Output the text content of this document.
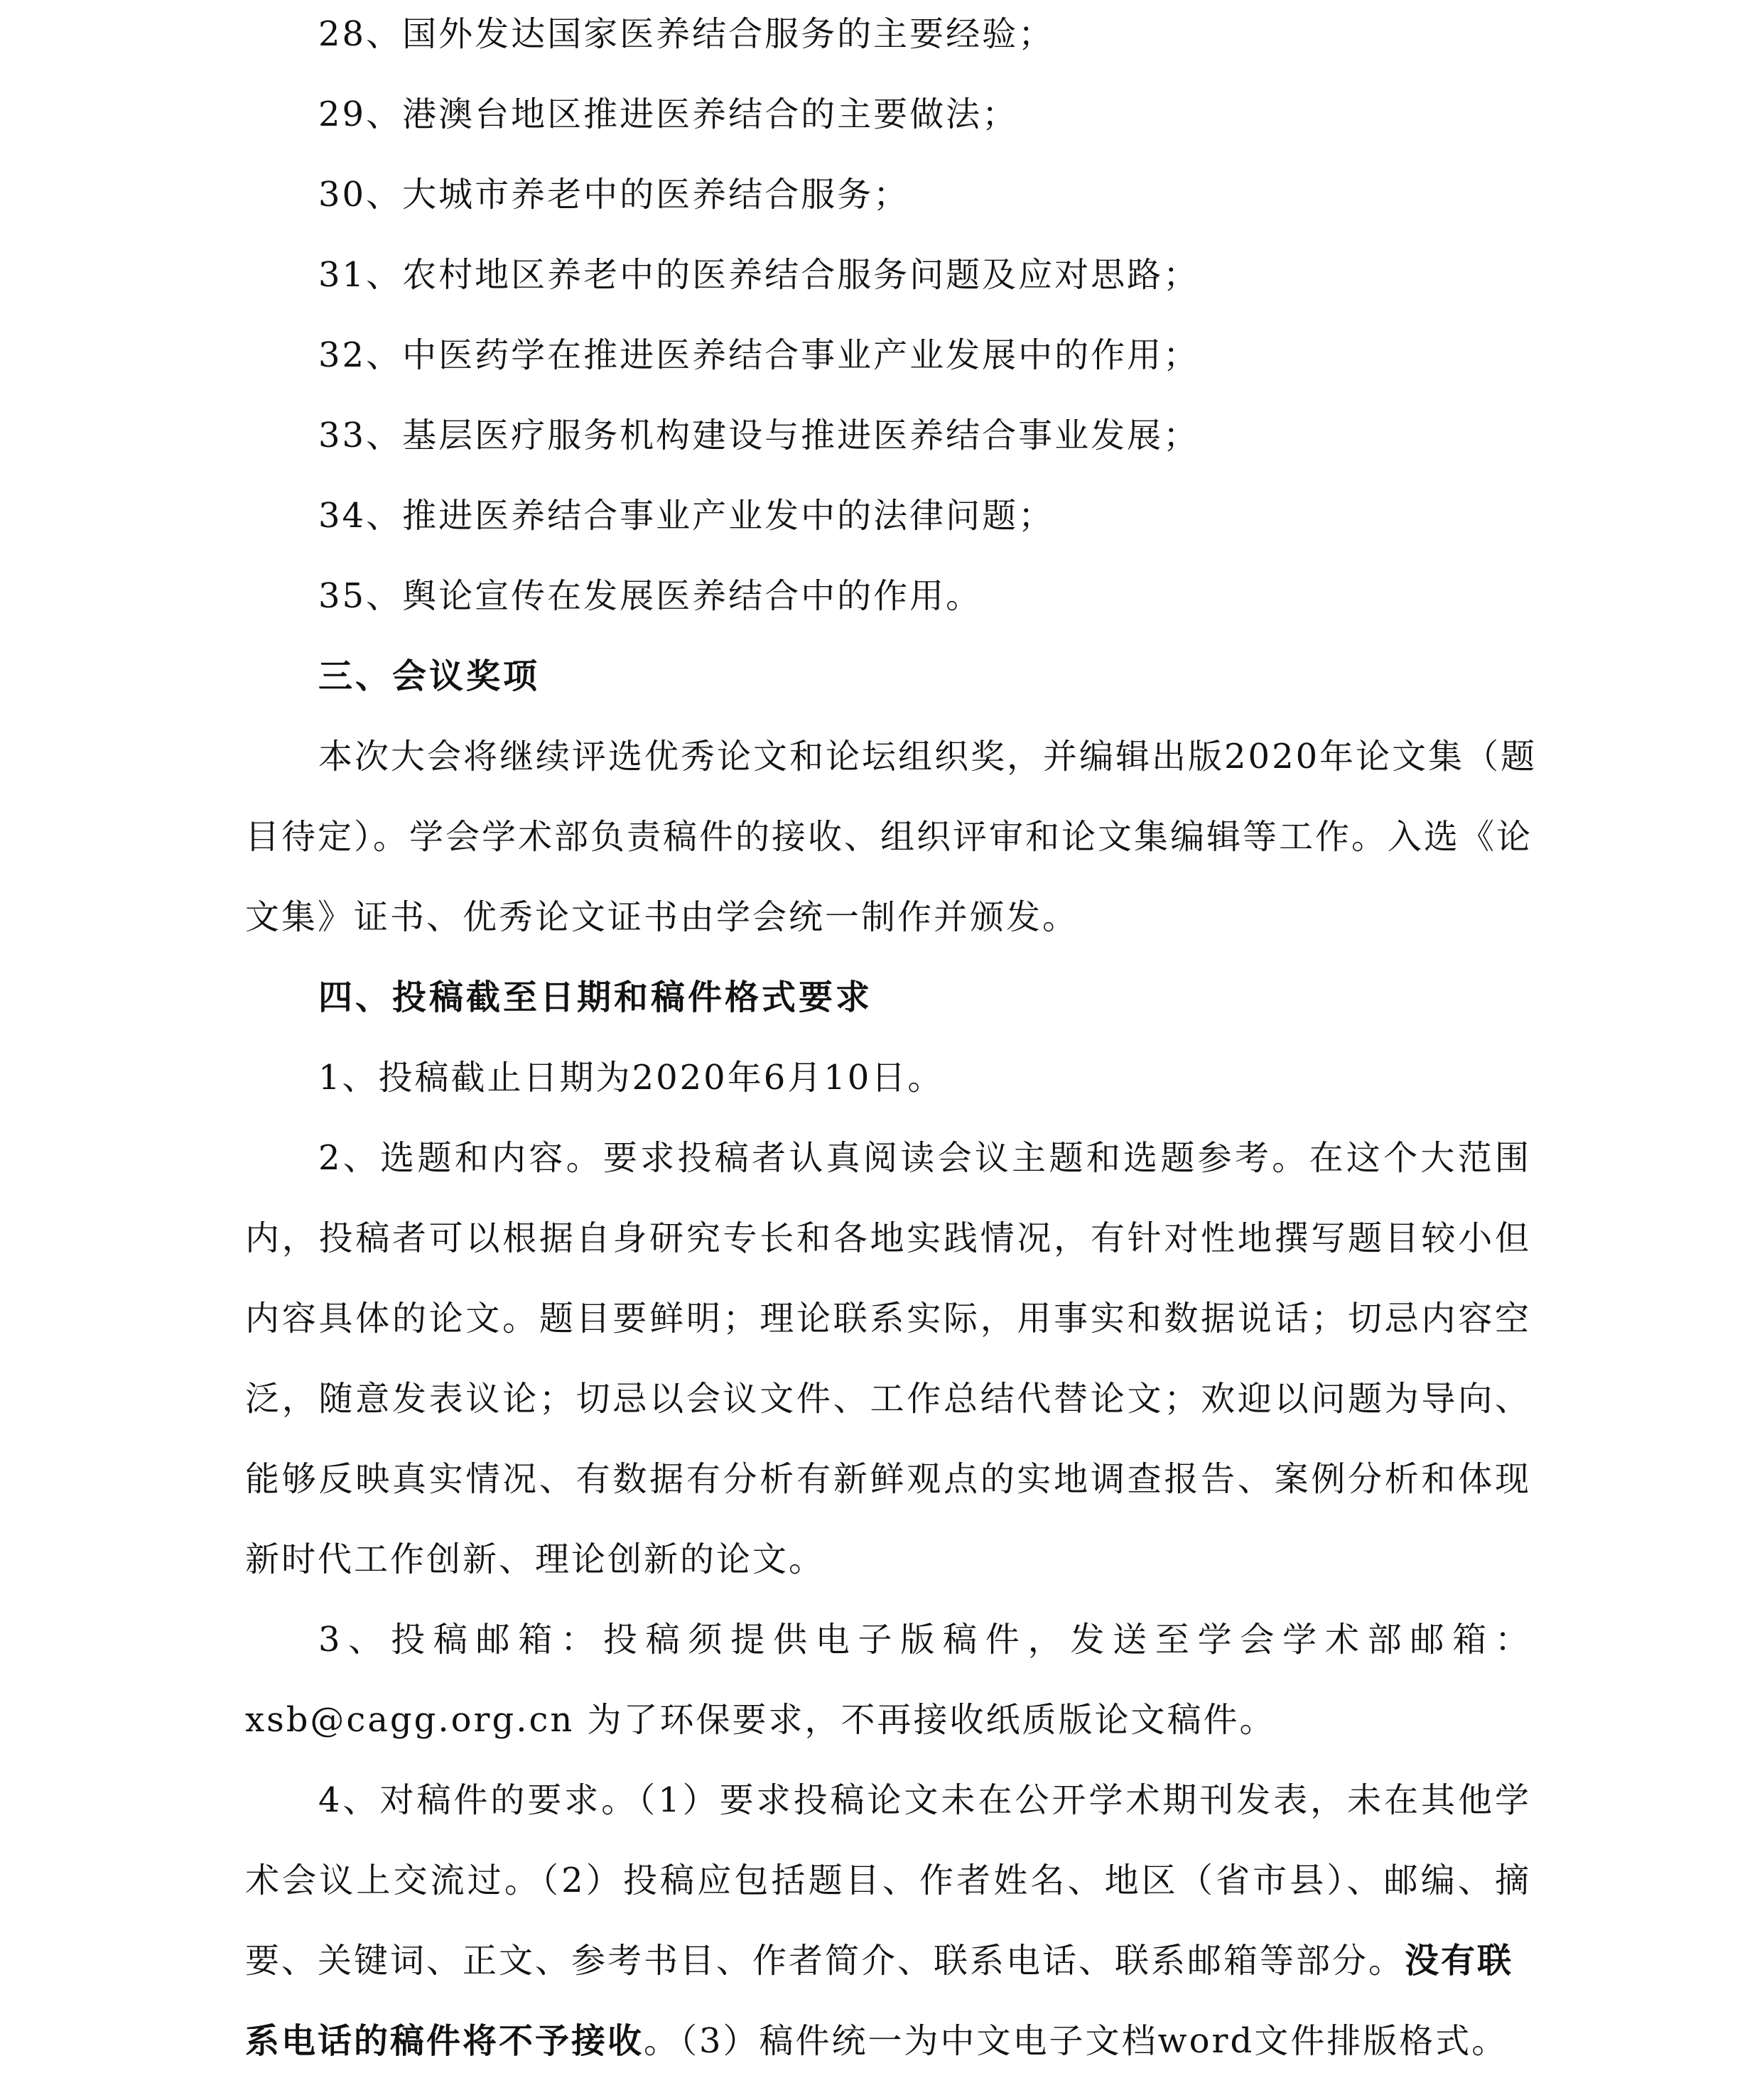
28、国外发达国家医养结合服务的主要经验；
29、港澳台地区推进医养结合的主要做法；
30、大城市养老中的医养结合服务；
31、农村地区养老中的医养结合服务问题及应对思路；
32、中医药学在推进医养结合事业产业发展中的作用；
33、基层医疗服务机构建设与推进医养结合事业发展；
34、推进医养结合事业产业发中的法律问题；
35、舆论宣传在发展医养结合中的作用。
三、会议奖项
本次大会将继续评选优秀论文和论坛组织奖，并编辑出版2020年论文集（题
目待定）。学会学术部负责稿件的接收、组织评审和论文集编辑等工作。入选《论
文集》证书、优秀论文证书由学会统一制作并颁发。
四、投稿截至日期和稿件格式要求
1、投稿截止日期为2020年6月10日。
2、选题和内容。要求投稿者认真阅读会议主题和选题参考。在这个大范围
内，投稿者可以根据自身研究专长和各地实践情况，有针对性地撰写题目较小但
内容具体的论文。题目要鲜明；理论联系实际，用事实和数据说话；切忌内容空
泛，随意发表议论；切忌以会议文件、工作总结代替论文；欢迎以问题为导向、
能够反映真实情况、有数据有分析有新鲜观点的实地调查报告、案例分析和体现
新时代工作创新、理论创新的论文。
3、投稿邮箱：投稿须提供电子版稿件，发送至学会学术部邮箱：
xsb@cagg.org.cn 为了环保要求，不再接收纸质版论文稿件。
4、对稿件的要求。（1）要求投稿论文未在公开学术期刊发表，未在其他学
术会议上交流过。（2）投稿应包括题目、作者姓名、地区（省市县）、邮编、摘
要、关键词、正文、参考书目、作者简介、联系电话、联系邮箱等部分。没有联
系电话的稿件将不予接收。（3）稿件统一为中文电子文档word文件排版格式。
